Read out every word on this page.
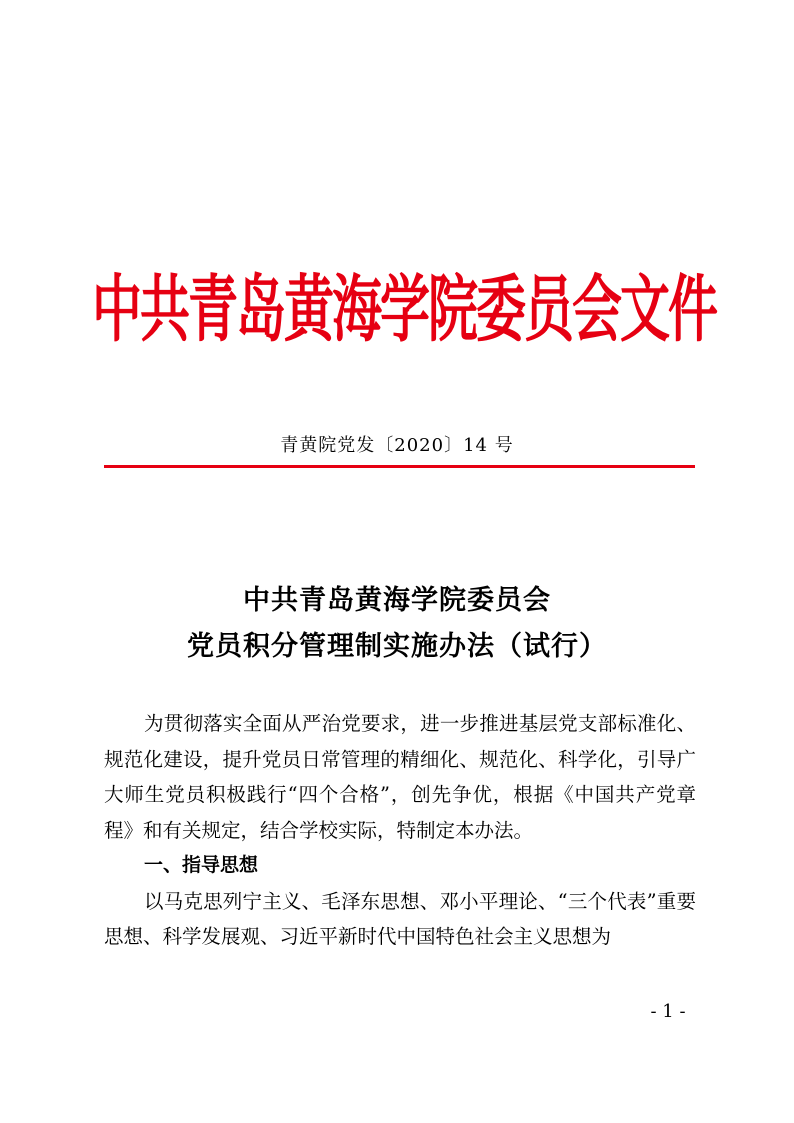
中共青岛黄海学院委员会文件
青黄院党发〔2020〕14 号
中共青岛黄海学院委员会
党员积分管理制实施办法（试行）

为贯彻落实全面从严治党要求，进一步推进基层党支部标准化、规范化建设，提升党员日常管理的精细化、规范化、科学化，引导广大师生党员积极践行“四个合格”，创先争优，根据《中国共产党章程》和有关规定，结合学校实际，特制定本办法。

一、指导思想

以马克思列宁主义、毛泽东思想、邓小平理论、“三个代表”重要思想、科学发展观、习近平新时代中国特色社会主义思想为

- 1 -
